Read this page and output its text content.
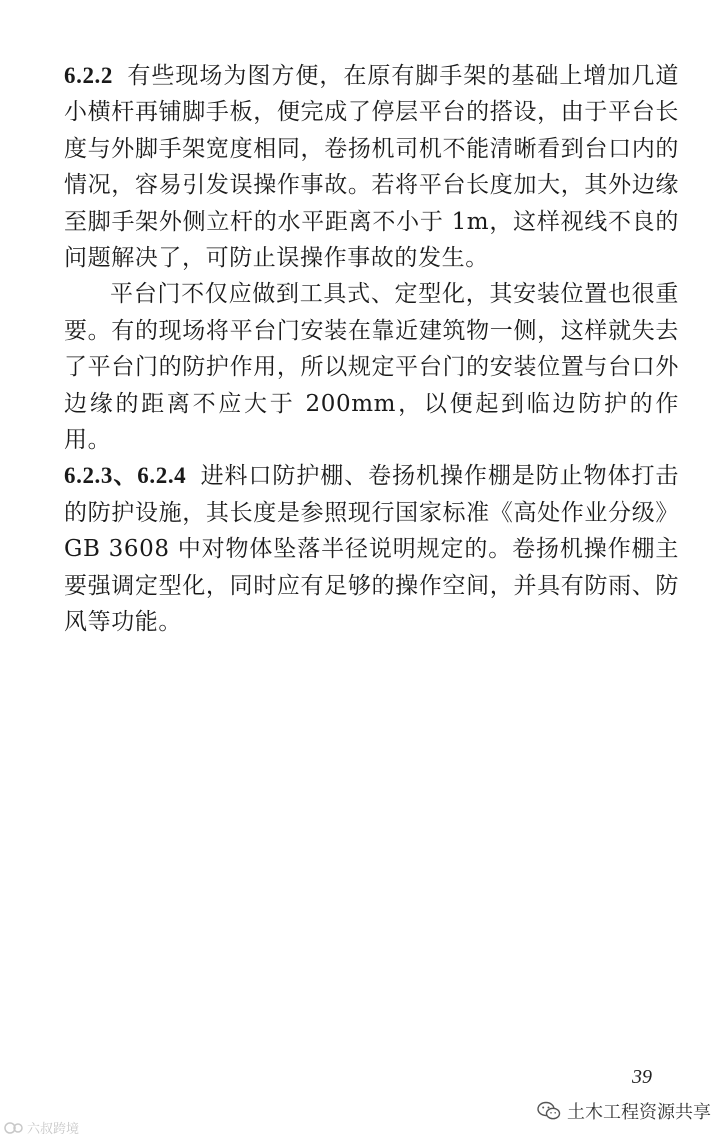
6.2.2 有些现场为图方便，在原有脚手架的基础上增加几道小横杆再铺脚手板，便完成了停层平台的搭设，由于平台长度与外脚手架宽度相同，卷扬机司机不能清晰看到台口内的情况，容易引发误操作事故。若将平台长度加大，其外边缘至脚手架外侧立杆的水平距离不小于 1m，这样视线不良的问题解决了，可防止误操作事故的发生。

平台门不仅应做到工具式、定型化，其安装位置也很重要。有的现场将平台门安装在靠近建筑物一侧，这样就失去了平台门的防护作用，所以规定平台门的安装位置与台口外边缘的距离不应大于 200mm，以便起到临边防护的作用。

6.2.3、6.2.4 进料口防护棚、卷扬机操作棚是防止物体打击的防护设施，其长度是参照现行国家标准《高处作业分级》GB 3608 中对物体坠落半径说明规定的。卷扬机操作棚主要强调定型化，同时应有足够的操作空间，并具有防雨、防风等功能。

39
六叔跨境
土木工程资源共享
